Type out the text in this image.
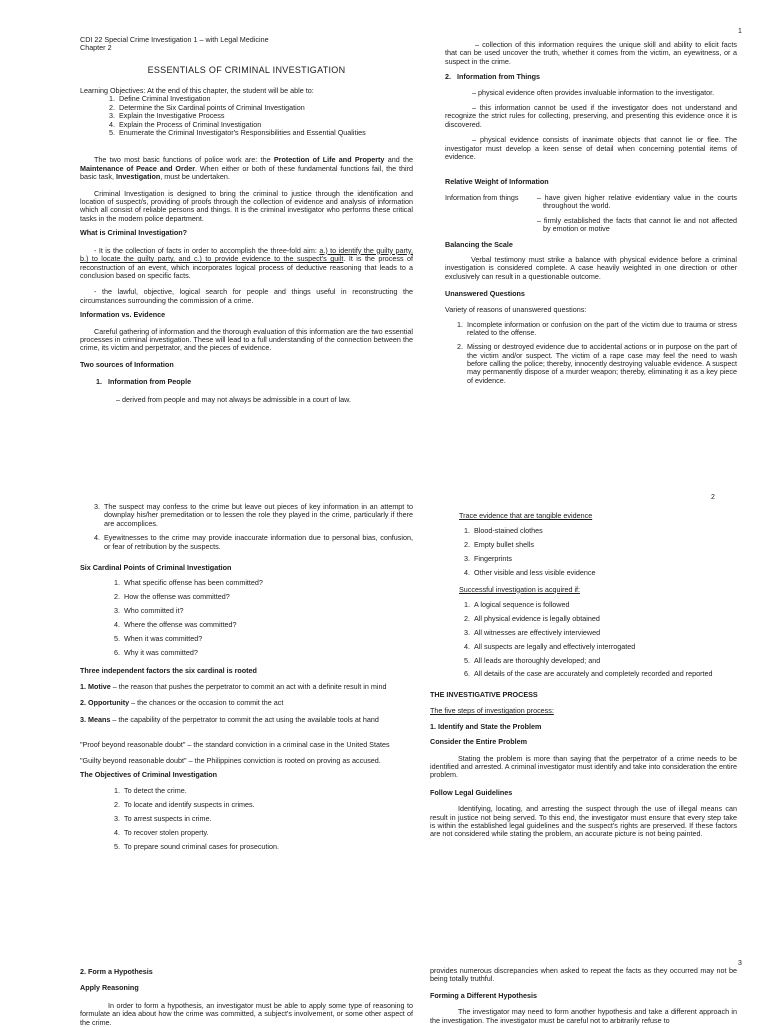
1

CDI 22 Special Crime Investigation 1 – with Legal Medicine

Chapter 2

ESSENTIALS OF CRIMINAL INVESTIGATION

Learning Objectives: At the end of this chapter, the student will be able to:

1. Define Criminal Investigation
2. Determine the Six Cardinal points of Criminal Investigation
3. Explain the Investigative Process
4. Explain the Process of Criminal Investigation
5. Enumerate the Criminal Investigator's Responsibilities and Essential Qualities

The two most basic functions of police work are: the Protection of Life and Property and the Maintenance of Peace and Order. When either or both of these fundamental functions fail, the third basic task, Investigation, must be undertaken.

Criminal Investigation is designed to bring the criminal to justice through the identification and location of suspect/s, providing of proofs through the collection of evidence and analysis of information which all consist of reliable persons and things. It is the criminal investigator who performs these critical tasks in the modern police department.

What is Criminal Investigation?

- It is the collection of facts in order to accomplish the three-fold aim: a.) to identify the guilty party, b.) to locate the guilty party, and c.) to provide evidence to the suspect's guilt. It is the process of reconstruction of an event, which incorporates logical process of deductive reasoning that leads to a conclusion based on specific facts.

- the lawful, objective, logical search for people and things useful in reconstructing the circumstances surrounding the commission of a crime.

Information vs. Evidence

Careful gathering of information and the thorough evaluation of this information are the two essential processes in criminal investigation. These will lead to a full understanding of the connection between the crime, its victim and perpetrator, and the pieces of evidence.

Two sources of Information

1.   Information from People

– derived from people and may not always be admissible in a court of law.

– collection of this information requires the unique skill and ability to elicit facts that can be used uncover the truth, whether it comes from the victim, an eyewitness, or a suspect in the crime.

2.   Information from Things

– physical evidence often provides invaluable information to the investigator.

– this information cannot be used if the investigator does not understand and recognize the strict rules for collecting, preserving, and presenting this evidence once it is discovered.

– physical evidence consists of inanimate objects that cannot lie or flee. The investigator must develop a keen sense of detail when concerning potential items of evidence.

Relative Weight of Information

Information from things	– have given higher relative evidentiary value in the courts throughout the world.
– firmly established the facts that cannot lie and not affected by emotion or motive

Balancing the Scale

Verbal testimony must strike a balance with physical evidence before a criminal investigation is considered complete. A case heavily weighted in one direction or other exclusively can result in a questionable outcome.

Unanswered Questions

Variety of reasons of unanswered questions:

1. Incomplete information or confusion on the part of the victim due to trauma or stress related to the offense.
2. Missing or destroyed evidence due to accidental actions or in purpose on the part of the victim and/or suspect. The victim of a rape case may feel the need to wash before calling the police; thereby, innocently destroying valuable evidence. A suspect may permanently dispose of a murder weapon; thereby, eliminating it as a key piece of evidence.
2
3. The suspect may confess to the crime but leave out pieces of key information in an attempt to downplay his/her premeditation or to lessen the role they played in the crime, particularly if there are accomplices.
4. Eyewitnesses to the crime may provide inaccurate information due to personal bias, confusion, or fear of retribution by the suspects.

Six Cardinal Points of Criminal Investigation

1. What specific offense has been committed?
2. How the offense was committed?
3. Who committed it?
4. Where the offense was committed?
5. When it was committed?
6. Why it was committed?

Three independent factors the six cardinal is rooted

1. Motive – the reason that pushes the perpetrator to commit an act with a definite result in mind

2. Opportunity – the chances or the occasion to commit the act

3. Means – the capability of the perpetrator to commit the act using the available tools at hand

"Proof beyond reasonable doubt" – the standard conviction in a criminal case in the United States

"Guilty beyond reasonable doubt" – the Philippines conviction is rooted on proving as accused.

The Objectives of Criminal Investigation

1. To detect the crime.
2. To locate and identify suspects in crimes.
3. To arrest suspects in crime.
4. To recover stolen property.
5. To prepare sound criminal cases for prosecution.

Trace evidence that are tangible evidence

1. Blood-stained clothes
2. Empty bullet shells
3. Fingerprints
4. Other visible and less visible evidence

Successful investigation is acquired if:

1. A logical sequence is followed
2. All physical evidence is legally obtained
3. All witnesses are effectively interviewed
4. All suspects are legally and effectively interrogated
5. All leads are thoroughly developed; and
6. All details of the case are accurately and completely recorded and reported

THE INVESTIGATIVE PROCESS

The five steps of investigation process:

1. Identify and State the Problem

Consider the Entire Problem

Stating the problem is more than saying that the perpetrator of a crime needs to be identified and arrested. A criminal investigator must identify and take into consideration the entire problem.

Follow Legal Guidelines

Identifying, locating, and arresting the suspect through the use of illegal means can result in justice not being served. To this end, the investigator must ensure that every step take is within the established legal guidelines and the suspect's rights are preserved. If these factors are not considered while stating the problem, an accurate picture is not being painted.

3

2. Form a Hypothesis

Apply Reasoning

In order to form a hypothesis, an investigator must be able to apply some type of reasoning to formulate an idea about how the crime was committed, a subject's involvement, or some other aspect of the crime.

provides numerous discrepancies when asked to repeat the facts as they occurred may not be being totally truthful.

Forming a Different Hypothesis

The investigator may need to form another hypothesis and take a different approach in the investigation. The investigator must be careful not to arbitrarily refuse to
